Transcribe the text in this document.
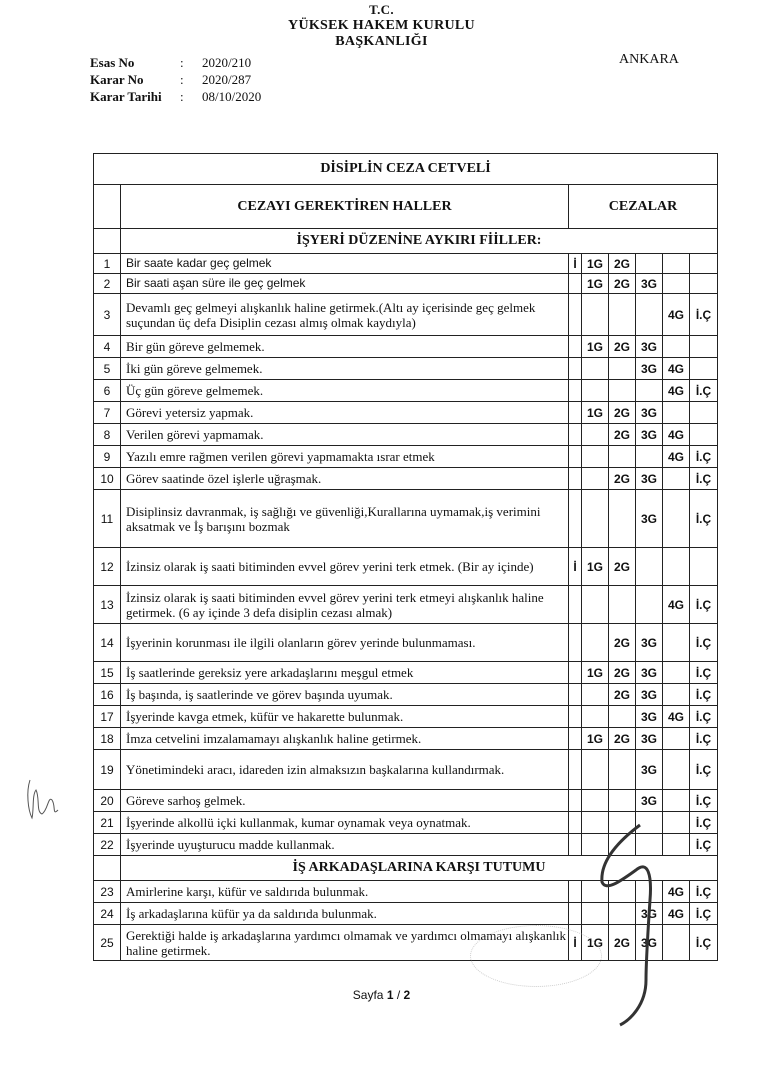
T.C.
YÜKSEK HAKEM KURULU
BAŞKANLIĞI
Esas No	:	2020/210
Karar No	:	2020/287
Karar Tarihi	:	08/10/2020
ANKARA
DİSİPLİN CEZA CETVELİ							
	CEZAYI GEREKTİREN HALLER	CEZALAR					
	İŞYERİ DÜZENİNE AYKIRI FİİLLER:						
1	Bir saate kadar geç gelmek	İ	1G	2G			
2	Bir saati aşan süre ile geç gelmek		1G	2G	3G		
3	Devamlı geç gelmeyi alışkanlık haline getirmek.(Altı ay içerisinde geç gelmek suçundan üç defa Disiplin cezası almış olmak kaydıyla)					4G	İ.Ç
4	Bir gün göreve gelmemek.		1G	2G	3G		
5	İki gün göreve gelmemek.				3G	4G	
6	Üç gün göreve gelmemek.					4G	İ.Ç
7	Görevi yetersiz yapmak.		1G	2G	3G		
8	Verilen görevi yapmamak.			2G	3G	4G	
9	Yazılı emre rağmen verilen görevi yapmamakta ısrar etmek					4G	İ.Ç
10	Görev saatinde özel işlerle uğraşmak.			2G	3G		İ.Ç
11	Disiplinsiz davranmak, iş sağlığı ve güvenliği,Kurallarına uymamak,iş verimini aksatmak ve İş barışını bozmak				3G		İ.Ç
12	İzinsiz olarak iş saati bitiminden evvel görev yerini terk etmek. (Bir ay içinde)	İ	1G	2G			
13	İzinsiz olarak iş saati bitiminden evvel görev yerini terk etmeyi alışkanlık haline getirmek. (6 ay içinde 3 defa disiplin cezası almak)					4G	İ.Ç
14	İşyerinin korunması ile ilgili olanların görev yerinde bulunmaması.			2G	3G		İ.Ç
15	İş saatlerinde gereksiz yere arkadaşlarını meşgul etmek		1G	2G	3G		İ.Ç
16	İş başında, iş saatlerinde ve görev başında uyumak.			2G	3G		İ.Ç
17	İşyerinde kavga etmek, küfür ve hakarette bulunmak.				3G	4G	İ.Ç
18	İmza cetvelini imzalamamayı alışkanlık haline getirmek.		1G	2G	3G		İ.Ç
19	Yönetimindeki aracı, idareden izin almaksızın başkalarına kullandırmak.				3G		İ.Ç
20	Göreve sarhoş gelmek.				3G		İ.Ç
21	İşyerinde alkollü içki kullanmak, kumar oynamak veya oynatmak.						İ.Ç
22	İşyerinde uyuşturucu madde kullanmak.						İ.Ç
	İŞ ARKADAŞLARINA KARŞI TUTUMU						
23	Amirlerine karşı, küfür ve saldırıda bulunmak.					4G	İ.Ç
24	İş arkadaşlarına küfür ya da saldırıda bulunmak.				3G	4G	İ.Ç
25	Gerektiği halde iş arkadaşlarına yardımcı olmamak ve yardımcı olmamayı alışkanlık haline getirmek.	İ	1G	2G	3G		İ.Ç
Sayfa 1 / 2
